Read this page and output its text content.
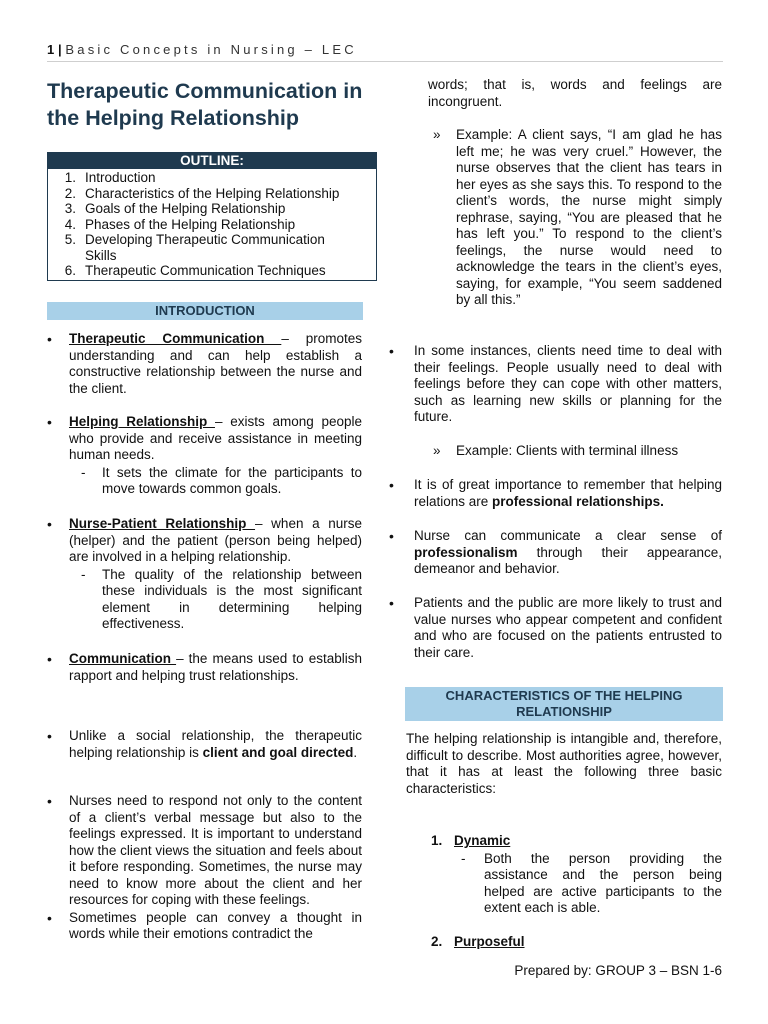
1 | Basic Concepts in Nursing – LEC
Therapeutic Communication in the Helping Relationship
OUTLINE:
1. Introduction
2. Characteristics of the Helping Relationship
3. Goals of the Helping Relationship
4. Phases of the Helping Relationship
5. Developing Therapeutic Communication Skills
6. Therapeutic Communication Techniques
INTRODUCTION
• Therapeutic Communication – promotes understanding and can help establish a constructive relationship between the nurse and the client.
• Helping Relationship – exists among people who provide and receive assistance in meeting human needs.
- It sets the climate for the participants to move towards common goals.
• Nurse-Patient Relationship – when a nurse (helper) and the patient (person being helped) are involved in a helping relationship.
- The quality of the relationship between these individuals is the most significant element in determining helping effectiveness.
• Communication – the means used to establish rapport and helping trust relationships.
• Unlike a social relationship, the therapeutic helping relationship is client and goal directed.
• Nurses need to respond not only to the content of a client’s verbal message but also to the feelings expressed. It is important to understand how the client views the situation and feels about it before responding. Sometimes, the nurse may need to know more about the client and her resources for coping with these feelings.
• Sometimes people can convey a thought in words while their emotions contradict the
words; that is, words and feelings are incongruent.
» Example: A client says, “I am glad he has left me; he was very cruel.” However, the nurse observes that the client has tears in her eyes as she says this. To respond to the client’s words, the nurse might simply rephrase, saying, “You are pleased that he has left you.” To respond to the client’s feelings, the nurse would need to acknowledge the tears in the client’s eyes, saying, for example, “You seem saddened by all this.”
• In some instances, clients need time to deal with their feelings. People usually need to deal with feelings before they can cope with other matters, such as learning new skills or planning for the future.
» Example: Clients with terminal illness
• It is of great importance to remember that helping relations are professional relationships.
• Nurse can communicate a clear sense of professionalism through their appearance, demeanor and behavior.
• Patients and the public are more likely to trust and value nurses who appear competent and confident and who are focused on the patients entrusted to their care.
CHARACTERISTICS OF THE HELPING RELATIONSHIP
The helping relationship is intangible and, therefore, difficult to describe. Most authorities agree, however, that it has at least the following three basic characteristics:
1. Dynamic
- Both the person providing the assistance and the person being helped are active participants to the extent each is able.
2. Purposeful
Prepared by: GROUP 3 – BSN 1-6
